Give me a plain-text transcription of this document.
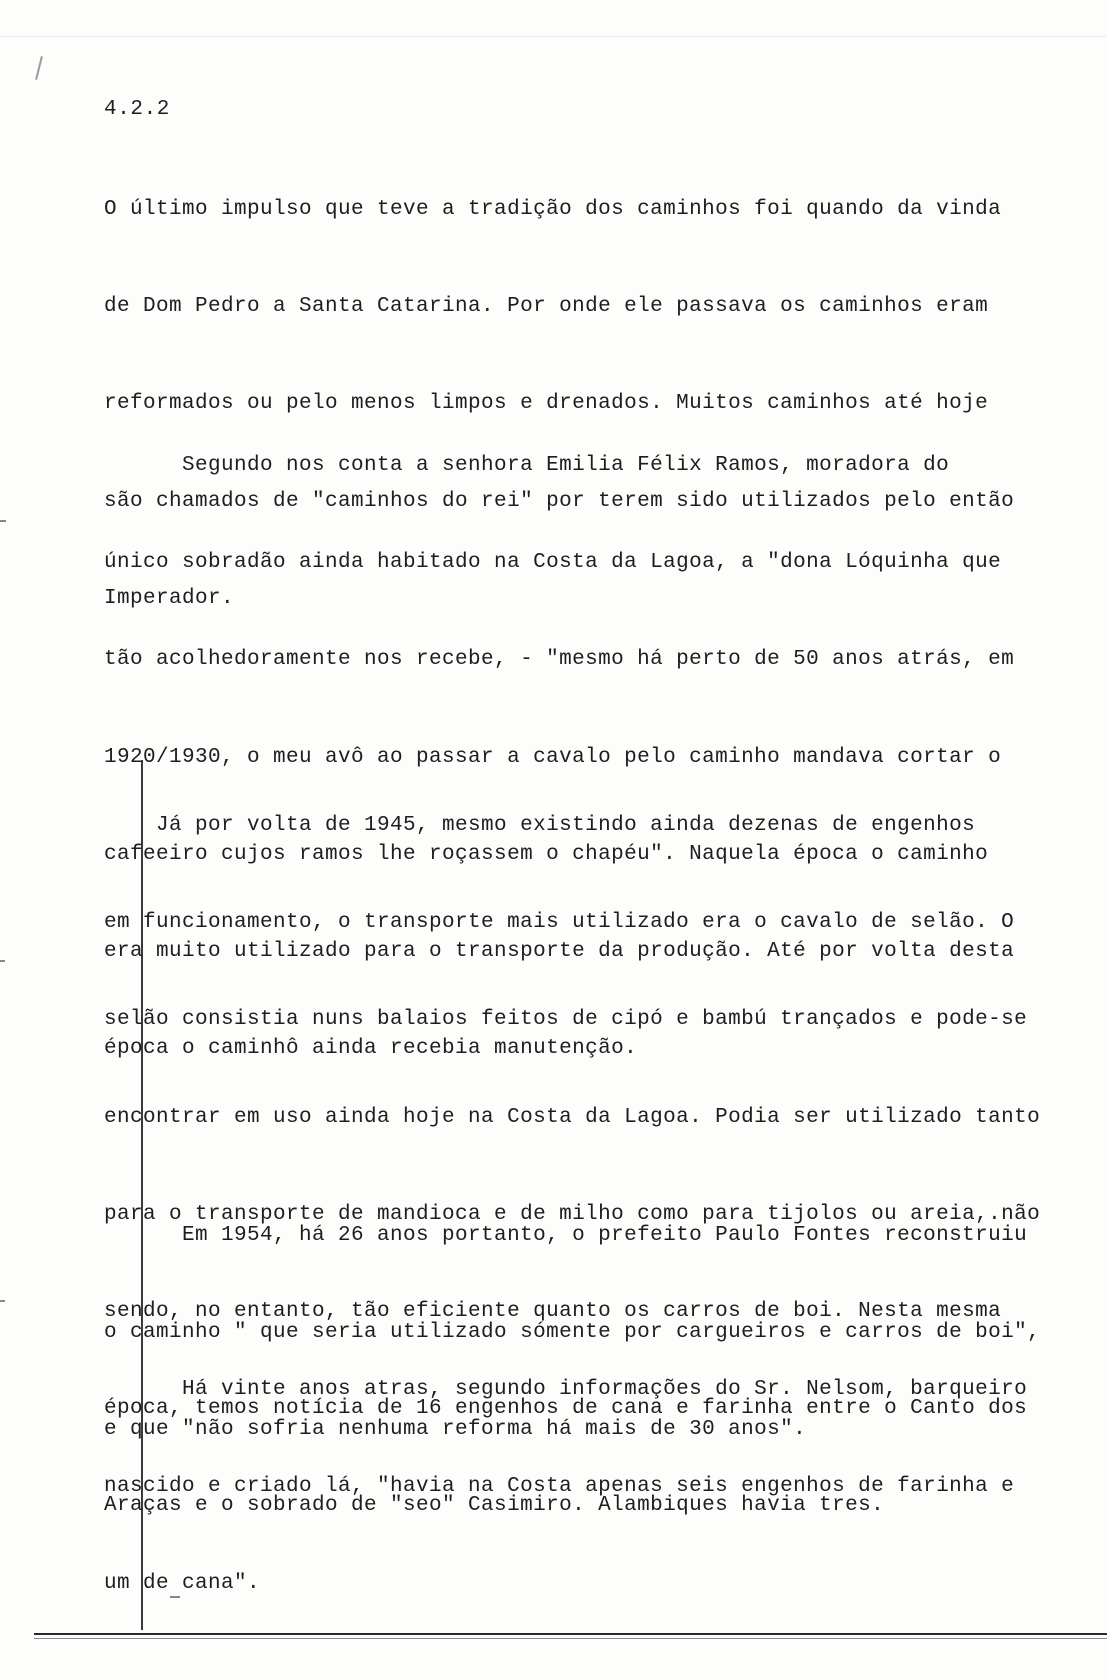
4.2.2

O último impulso que teve a tradição dos caminhos foi quando da vinda

de Dom Pedro a Santa Catarina. Por onde ele passava os caminhos eram

reformados ou pelo menos limpos e drenados. Muitos caminhos até hoje

são chamados de "caminhos do rei" por terem sido utilizados pelo então

Imperador.

Segundo nos conta a senhora Emilia Félix Ramos, moradora do

único sobradão ainda habitado na Costa da Lagoa, a "dona Lóquinha que

tão acolhedoramente nos recebe, - "mesmo há perto de 50 anos atrás, em

1920/1930, o meu avô ao passar a cavalo pelo caminho mandava cortar o

cafeeiro cujos ramos lhe roçassem o chapéu". Naquela época o caminho

era muito utilizado para o transporte da produção. Até por volta desta

época o caminhô ainda recebia manutenção.

Já por volta de 1945, mesmo existindo ainda dezenas de engenhos

em funcionamento, o transporte mais utilizado era o cavalo de selão. O

selão consistia nuns balaios feitos de cipó e bambú trançados e pode-se

encontrar em uso ainda hoje na Costa da Lagoa. Podia ser utilizado tanto

para o transporte de mandioca e de milho como para tijolos ou areia,.não

sendo, no entanto, tão eficiente quanto os carros de boi. Nesta mesma

época, temos notícia de 16 engenhos de cana e farinha entre o Canto dos

Araças e o sobrado de "seo" Casimiro. Alambiques havia tres.

Em 1954, há 26 anos portanto, o prefeito Paulo Fontes reconstruiu

o caminho " que seria utilizado sómente por cargueiros e carros de boi",

e que "não sofria nenhuma reforma há mais de 30 anos".

Há vinte anos atras, segundo informações do Sr. Nelsom, barqueiro

nascido e criado lá, "havia na Costa apenas seis engenhos de farinha e

um de cana".
